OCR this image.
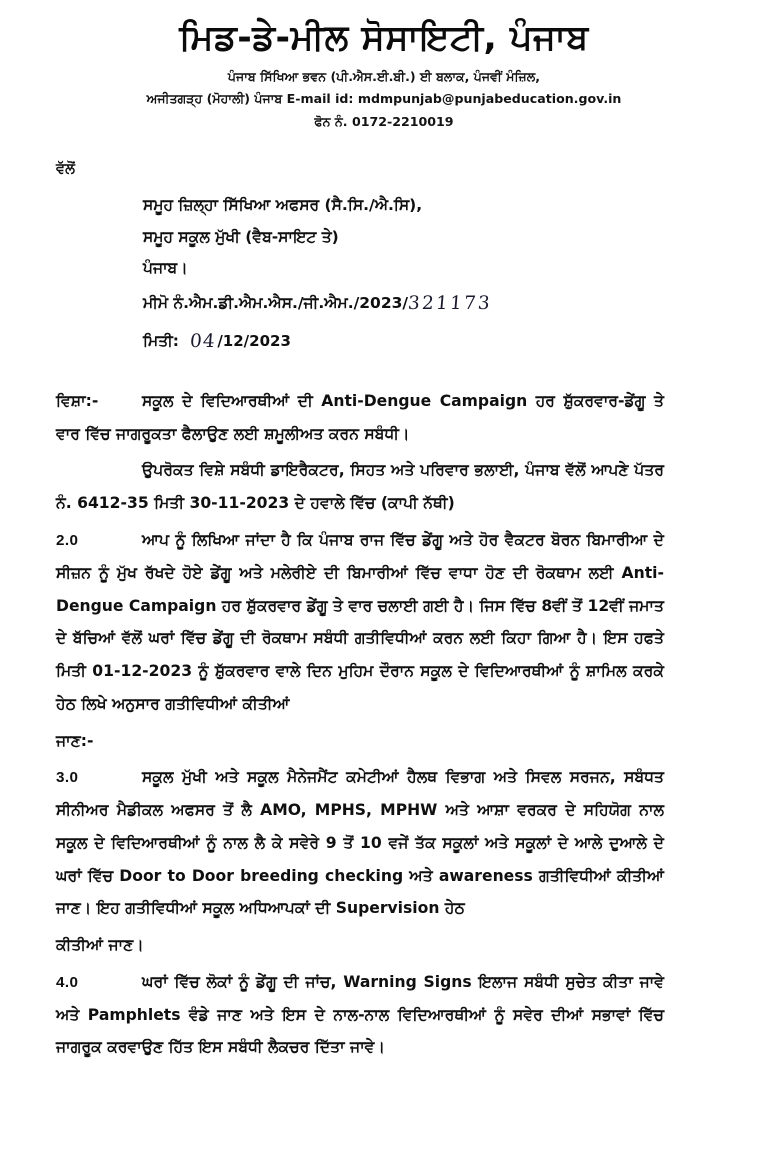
ਮਿਡ-ਡੇ-ਮੀਲ ਸੋਸਾਇਟੀ, ਪੰਜਾਬ
ਪੰਜਾਬ ਸਿੱਖਿਆ ਭਵਨ (ਪੀ.ਐਸ.ਈ.ਬੀ.) ਈ ਬਲਾਕ, ਪੰਜਵੀਂ ਮੰਜ਼ਿਲ,
ਅਜੀਤਗੜ੍ਹ (ਮੋਹਾਲੀ) ਪੰਜਾਬ E-mail id: mdmpunjab@punjabeducation.gov.in
ਫੋਨ ਨੰ. 0172-2210019
ਵੱਲੋਂ
ਸਮੂਹ ਜ਼ਿਲ੍ਹਾ ਸਿੱਖਿਆ ਅਫਸਰ (ਸੈ.ਸਿ./ਐ.ਸਿ),
ਸਮੂਹ ਸਕੂਲ ਮੁੱਖੀ (ਵੈਬ-ਸਾਇਟ ਤੇ)
ਪੰਜਾਬ।
ਮੀਮੋ ਨੰ.ਐਮ.ਡੀ.ਐਮ.ਐਸ./ਜੀ.ਐਮ./2023/321173
ਮਿਤੀ:  04/12/2023
ਵਿਸ਼ਾ:-	ਸਕੂਲ ਦੇ ਵਿਦਿਆਰਥੀਆਂ ਦੀ Anti-Dengue Campaign ਹਰ ਸ਼ੁੱਕਰਵਾਰ-ਡੇਂਗੂ ਤੇ ਵਾਰ ਵਿੱਚ ਜਾਗਰੂਕਤਾ ਫੈਲਾਉਣ ਲਈ ਸ਼ਮੂਲੀਅਤ ਕਰਨ ਸਬੰਧੀ।
ਉਪਰੋਕਤ ਵਿਸ਼ੇ ਸਬੰਧੀ ਡਾਇਰੈਕਟਰ, ਸਿਹਤ ਅਤੇ ਪਰਿਵਾਰ ਭਲਾਈ, ਪੰਜਾਬ ਵੱਲੋਂ ਆਪਣੇ ਪੱਤਰ ਨੰ. 6412-35 ਮਿਤੀ 30-11-2023 ਦੇ ਹਵਾਲੇ ਵਿੱਚ (ਕਾਪੀ ਨੱਥੀ)
2.0	ਆਪ ਨੂੰ ਲਿਖਿਆ ਜਾਂਦਾ ਹੈ ਕਿ ਪੰਜਾਬ ਰਾਜ ਵਿੱਚ ਡੇਂਗੂ ਅਤੇ ਹੋਰ ਵੈਕਟਰ ਬੋਰਨ ਬਿਮਾਰੀਆ ਦੇ ਸੀਜ਼ਨ ਨੂੰ ਮੁੱਖ ਰੱਖਦੇ ਹੋਏ ਡੇਂਗੂ ਅਤੇ ਮਲੇਰੀਏ ਦੀ ਬਿਮਾਰੀਆਂ ਵਿੱਚ ਵਾਧਾ ਹੋਣ ਦੀ ਰੋਕਥਾਮ ਲਈ Anti-Dengue Campaign ਹਰ ਸ਼ੁੱਕਰਵਾਰ ਡੇਂਗੂ ਤੇ ਵਾਰ ਚਲਾਈ ਗਈ ਹੈ। ਜਿਸ ਵਿੱਚ 8ਵੀਂ ਤੋਂ 12ਵੀਂ ਜਮਾਤ ਦੇ ਬੱਚਿਆਂ ਵੱਲੋਂ ਘਰਾਂ ਵਿੱਚ ਡੇਂਗੂ ਦੀ ਰੋਕਥਾਮ ਸਬੰਧੀ ਗਤੀਵਿਧੀਆਂ ਕਰਨ ਲਈ ਕਿਹਾ ਗਿਆ ਹੈ। ਇਸ ਹਫਤੇ ਮਿਤੀ 01-12-2023 ਨੂੰ ਸ਼ੁੱਕਰਵਾਰ ਵਾਲੇ ਦਿਨ ਮੁਹਿਮ ਦੌਰਾਨ ਸਕੂਲ ਦੇ ਵਿਦਿਆਰਥੀਆਂ ਨੂੰ ਸ਼ਾਮਿਲ ਕਰਕੇ ਹੇਠ ਲਿਖੇ ਅਨੁਸਾਰ ਗਤੀਵਿਧੀਆਂ ਕੀਤੀਆਂ
ਜਾਣ:-
3.0	ਸਕੂਲ ਮੁੱਖੀ ਅਤੇ ਸਕੂਲ ਮੈਨੇਜਮੈਂਟ ਕਮੇਟੀਆਂ ਹੈਲਥ ਵਿਭਾਗ ਅਤੇ ਸਿਵਲ ਸਰਜਨ, ਸਬੰਧਤ ਸੀਨੀਅਰ ਮੈਡੀਕਲ ਅਫਸਰ ਤੋਂ ਲੈ AMO, MPHS, MPHW ਅਤੇ ਆਸ਼ਾ ਵਰਕਰ ਦੇ ਸਹਿਯੋਗ ਨਾਲ ਸਕੂਲ ਦੇ ਵਿਦਿਆਰਥੀਆਂ ਨੂੰ ਨਾਲ ਲੈ ਕੇ ਸਵੇਰੇ 9 ਤੋਂ 10 ਵਜੇਂ ਤੱਕ ਸਕੂਲਾਂ ਅਤੇ ਸਕੂਲਾਂ ਦੇ ਆਲੇ ਦੁਆਲੇ ਦੇ ਘਰਾਂ ਵਿੱਚ Door to Door breeding checking ਅਤੇ awareness ਗਤੀਵਿਧੀਆਂ ਕੀਤੀਆਂ ਜਾਣ। ਇਹ ਗਤੀਵਿਧੀਆਂ ਸਕੂਲ ਅਧਿਆਪਕਾਂ ਦੀ Supervision ਹੇਠ
ਕੀਤੀਆਂ ਜਾਣ।
4.0	ਘਰਾਂ ਵਿੱਚ ਲੋਕਾਂ ਨੂੰ ਡੇਂਗੂ ਦੀ ਜਾਂਚ, Warning Signs ਇਲਾਜ ਸਬੰਧੀ ਸੁਚੇਤ ਕੀਤਾ ਜਾਵੇ ਅਤੇ Pamphlets ਵੰਡੇ ਜਾਣ ਅਤੇ ਇਸ ਦੇ ਨਾਲ-ਨਾਲ ਵਿਦਿਆਰਥੀਆਂ ਨੂੰ ਸਵੇਰ ਦੀਆਂ ਸਭਾਵਾਂ ਵਿੱਚ ਜਾਗਰੂਕ ਕਰਵਾਉਣ ਹਿੱਤ ਇਸ ਸਬੰਧੀ ਲੈਕਚਰ ਦਿੱਤਾ ਜਾਵੇ।
